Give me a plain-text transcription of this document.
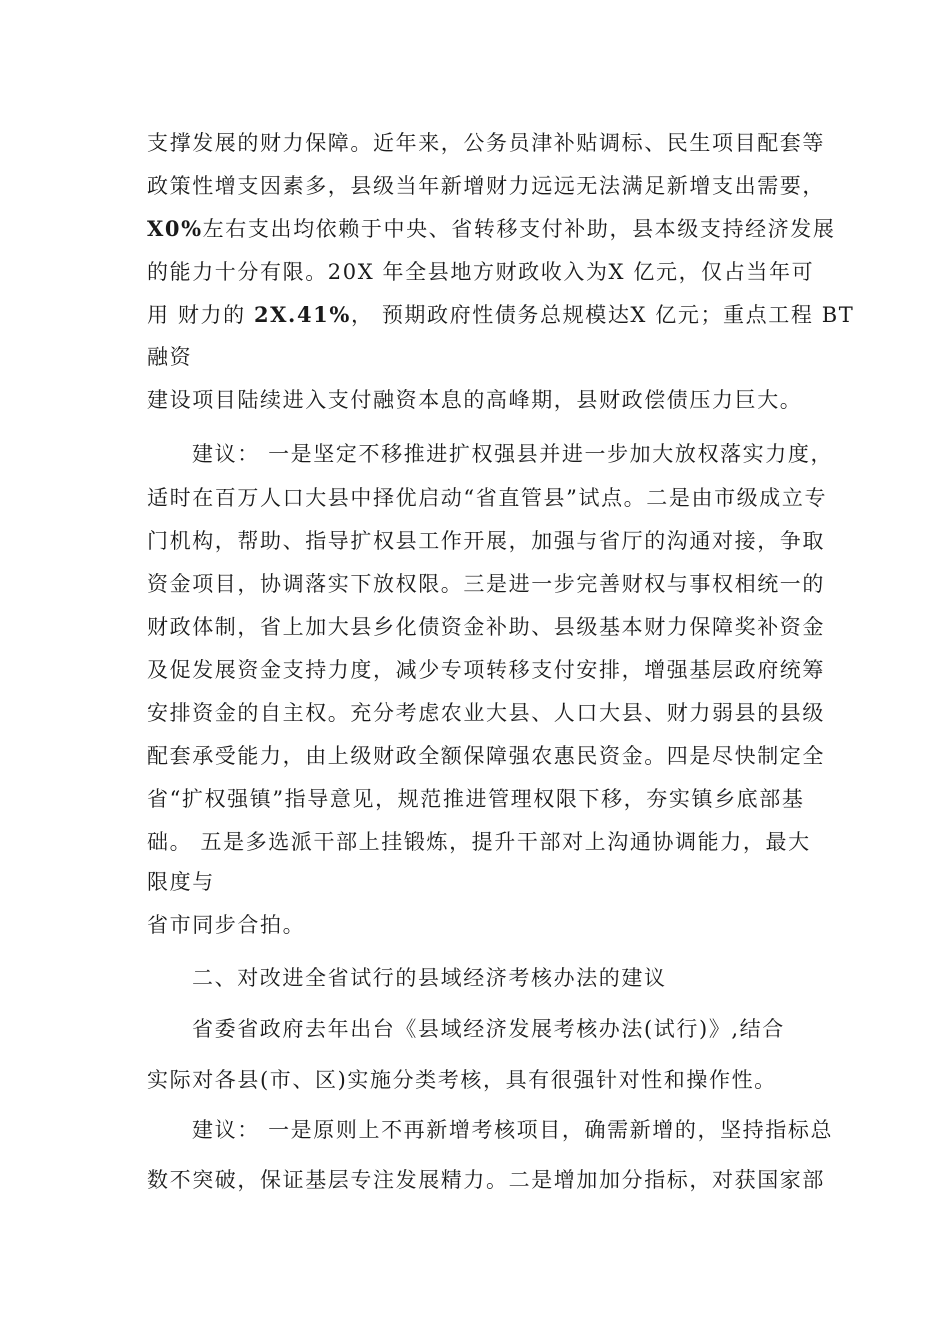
支撑发展的财力保障。近年来，公务员津补贴调标、民生项目配套等
政策性增支因素多，县级当年新增财力远远无法满足新增支出需要，
X0%左右支出均依赖于中央、省转移支付补助，县本级支持经济发展
的能力十分有限。20X 年全县地方财政收入为X 亿元，仅占当年可
用 财力的 2X.41%， 预期政府性债务总规模达X 亿元；重点工程 BT
融资
建设项目陆续进入支付融资本息的高峰期，县财政偿债压力巨大。
建议： 一是坚定不移推进扩权强县并进一步加大放权落实力度，
适时在百万人口大县中择优启动“省直管县”试点。二是由市级成立专
门机构，帮助、指导扩权县工作开展，加强与省厅的沟通对接，争取
资金项目，协调落实下放权限。三是进一步完善财权与事权相统一的
财政体制，省上加大县乡化债资金补助、县级基本财力保障奖补资金
及促发展资金支持力度，减少专项转移支付安排，增强基层政府统筹
安排资金的自主权。充分考虑农业大县、人口大县、财力弱县的县级
配套承受能力，由上级财政全额保障强农惠民资金。四是尽快制定全
省“扩权强镇”指导意见，规范推进管理权限下移，夯实镇乡底部基
础。 五是多选派干部上挂锻炼，提升干部对上沟通协调能力，最大
限度与
省市同步合拍。
二、对改进全省试行的县域经济考核办法的建议
省委省政府去年出台《县域经济发展考核办法(试行)》,结合
实际对各县(市、区)实施分类考核，具有很强针对性和操作性。
建议： 一是原则上不再新增考核项目，确需新增的，坚持指标总
数不突破，保证基层专注发展精力。二是增加加分指标，对获国家部
